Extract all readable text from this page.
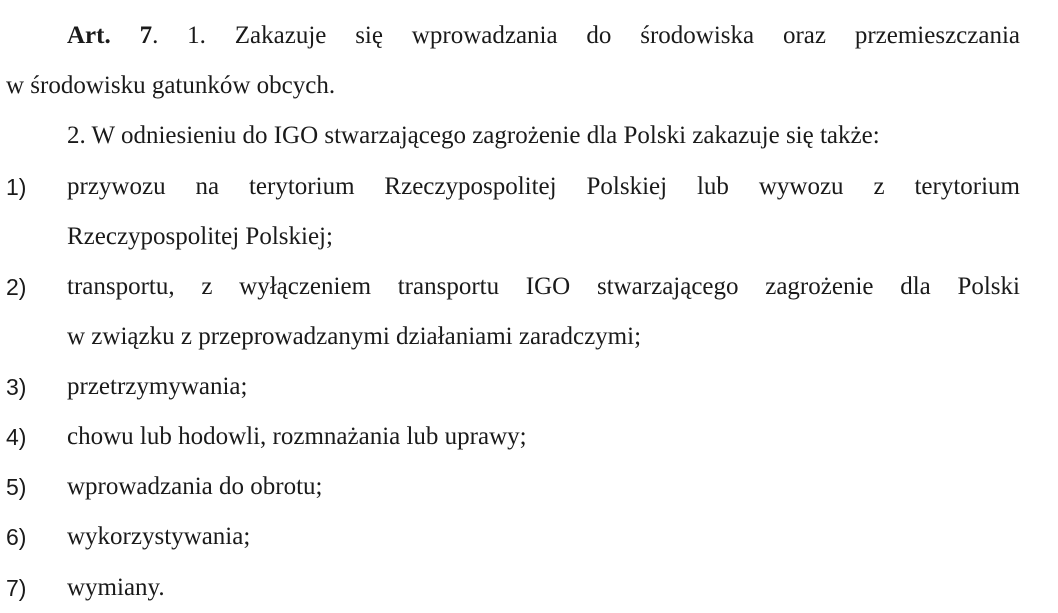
Art. 7. 1. Zakazuje się wprowadzania do środowiska oraz przemieszczania
w środowisku gatunków obcych.
2. W odniesieniu do IGO stwarzającego zagrożenie dla Polski zakazuje się także:
1) przywozu na terytorium Rzeczypospolitej Polskiej lub wywozu z terytorium
Rzeczypospolitej Polskiej;
2) transportu, z wyłączeniem transportu IGO stwarzającego zagrożenie dla Polski
w związku z przeprowadzanymi działaniami zaradczymi;
3) przetrzymywania;
4) chowu lub hodowli, rozmnażania lub uprawy;
5) wprowadzania do obrotu;
6) wykorzystywania;
7) wymiany.
